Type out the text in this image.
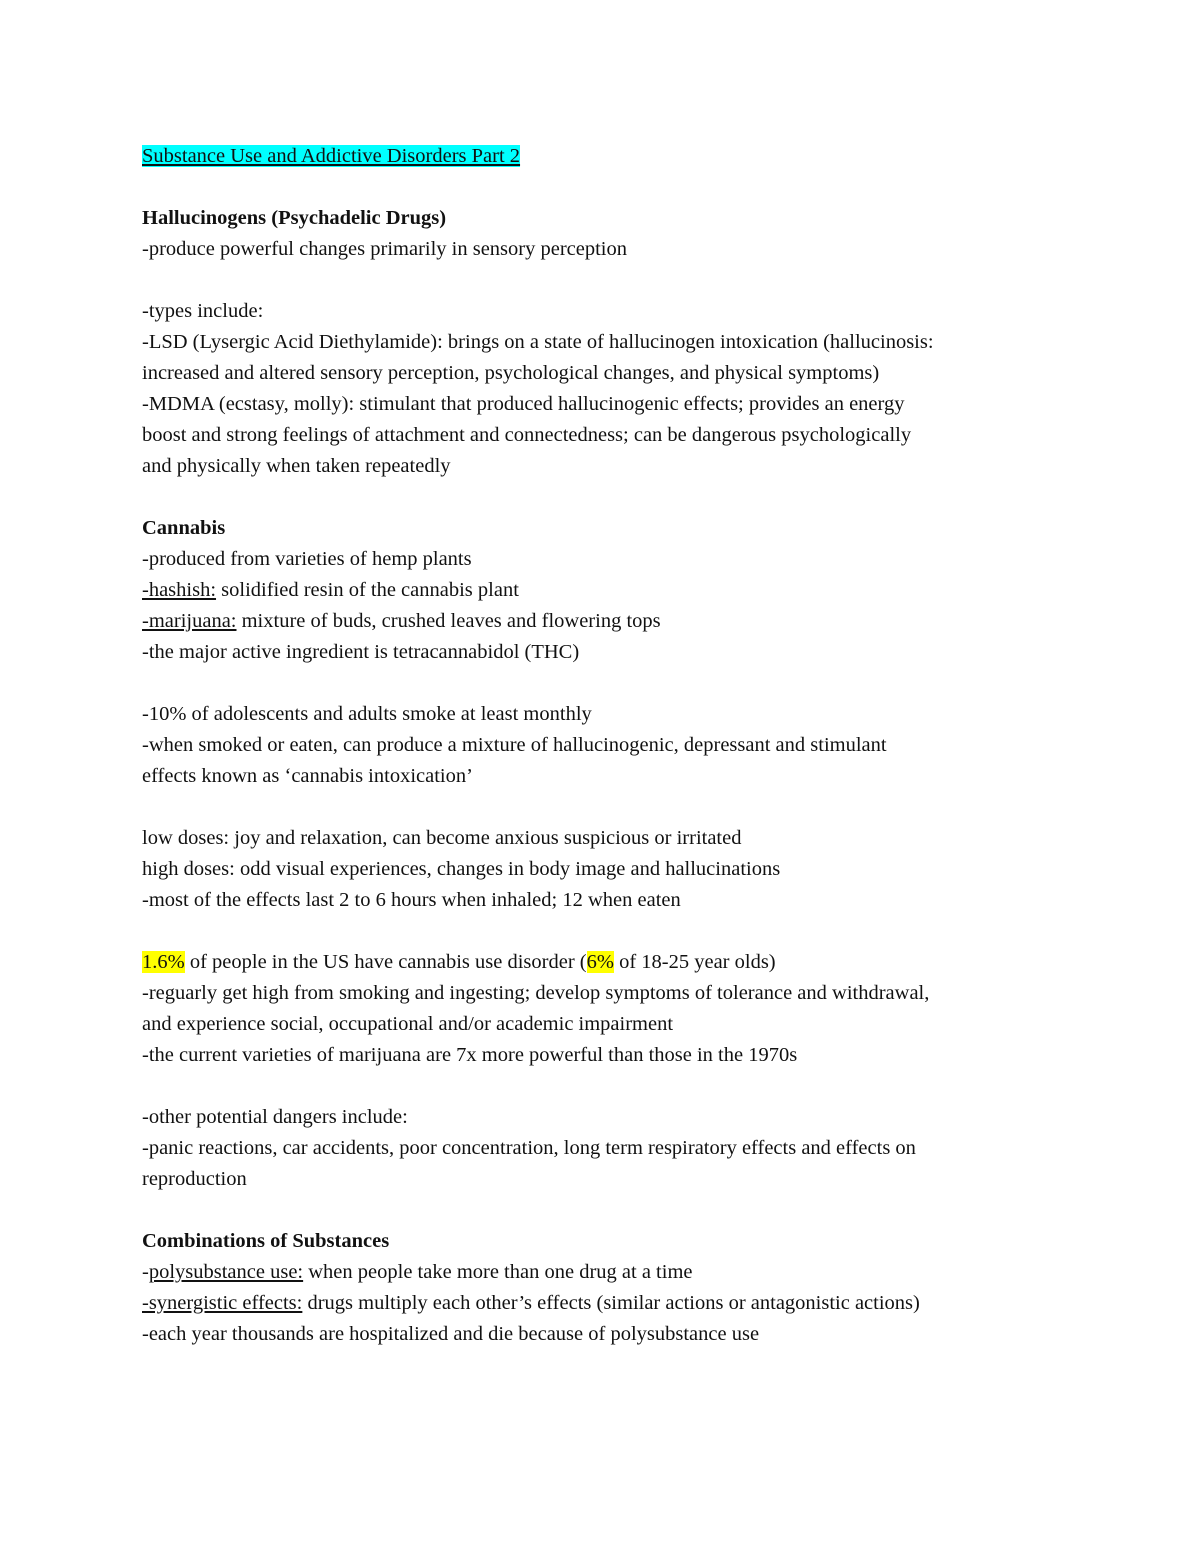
Substance Use and Addictive Disorders Part 2
Hallucinogens (Psychadelic Drugs)
-produce powerful changes primarily in sensory perception
-types include:
-LSD (Lysergic Acid Diethylamide): brings on a state of hallucinogen intoxication (hallucinosis:
increased and altered sensory perception, psychological changes, and physical symptoms)
-MDMA (ecstasy, molly): stimulant that produced hallucinogenic effects; provides an energy
boost and strong feelings of attachment and connectedness; can be dangerous psychologically
and physically when taken repeatedly
Cannabis
-produced from varieties of hemp plants
-hashish: solidified resin of the cannabis plant
-marijuana: mixture of buds, crushed leaves and flowering tops
-the major active ingredient is tetracannabidol (THC)
-10% of adolescents and adults smoke at least monthly
-when smoked or eaten, can produce a mixture of hallucinogenic, depressant and stimulant
effects known as ‘cannabis intoxication’
low doses: joy and relaxation, can become anxious suspicious or irritated
high doses: odd visual experiences, changes in body image and hallucinations
-most of the effects last 2 to 6 hours when inhaled; 12 when eaten
1.6% of people in the US have cannabis use disorder (6% of 18-25 year olds)
-reguarly get high from smoking and ingesting; develop symptoms of tolerance and withdrawal,
and experience social, occupational and/or academic impairment
-the current varieties of marijuana are 7x more powerful than those in the 1970s
-other potential dangers include:
-panic reactions, car accidents, poor concentration, long term respiratory effects and effects on
reproduction
Combinations of Substances
-polysubstance use: when people take more than one drug at a time
-synergistic effects: drugs multiply each other’s effects (similar actions or antagonistic actions)
-each year thousands are hospitalized and die because of polysubstance use
